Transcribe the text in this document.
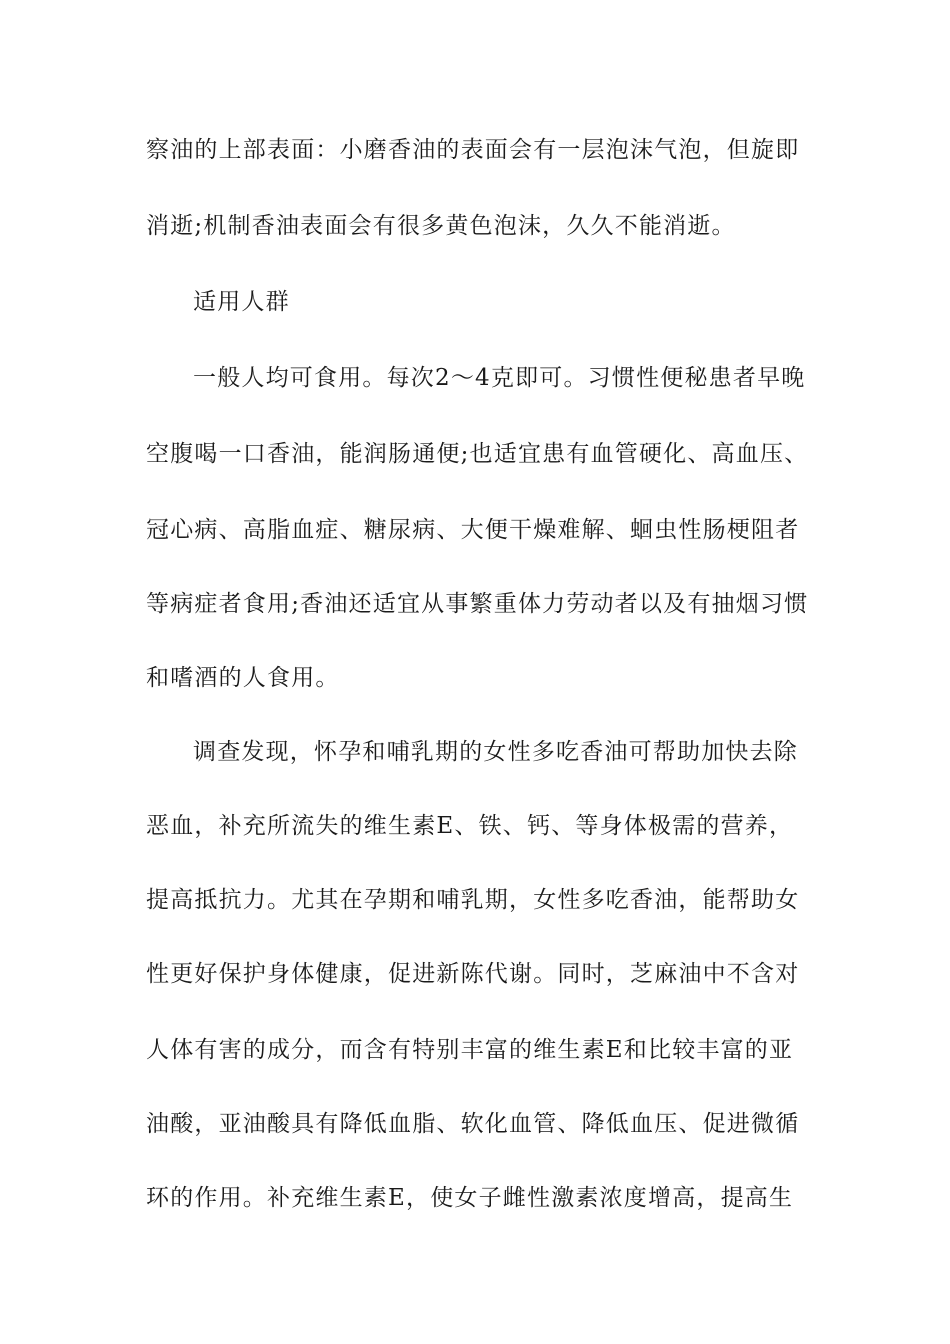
察油的上部表面：小磨香油的表面会有一层泡沫气泡，但旋即
消逝;机制香油表面会有很多黄色泡沫，久久不能消逝。
适用人群
一般人均可食用。每次2～4克即可。习惯性便秘患者早晚
空腹喝一口香油，能润肠通便;也适宜患有血管硬化、高血压、
冠心病、高脂血症、糖尿病、大便干燥难解、蛔虫性肠梗阻者
等病症者食用;香油还适宜从事繁重体力劳动者以及有抽烟习惯
和嗜酒的人食用。
调查发现，怀孕和哺乳期的女性多吃香油可帮助加快去除
恶血，补充所流失的维生素E、铁、钙、等身体极需的营养，
提高抵抗力。尤其在孕期和哺乳期，女性多吃香油，能帮助女
性更好保护身体健康，促进新陈代谢。同时，芝麻油中不含对
人体有害的成分，而含有特别丰富的维生素E和比较丰富的亚
油酸，亚油酸具有降低血脂、软化血管、降低血压、促进微循
环的作用。补充维生素E，使女子雌性激素浓度增高，提高生
